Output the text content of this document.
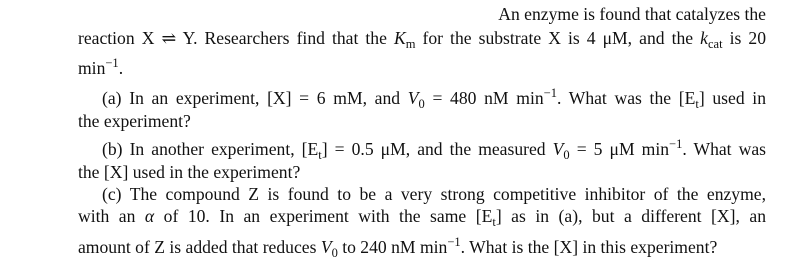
An enzyme is found that catalyzes the
reaction X ⇌ Y. Researchers find that the $K_m$ for the substrate X is 4 μM, and the $k_{cat}$ is 20
$\min^{-1}$.
(a) In an experiment, [X] = 6 mM, and $V_0 = 480$ nM $\min^{-1}$. What was the $[E_t]$ used in
the experiment?
(b) In another experiment, $[E_t] = 0.5$ μM, and the measured $V_0 = 5$ μM $\min^{-1}$. What was
the [X] used in the experiment?
(c) The compound Z is found to be a very strong competitive inhibitor of the enzyme,
with an α of 10. In an experiment with the same $[E_t]$ as in (a), but a different [X], an
amount of Z is added that reduces $V_0$ to 240 nM $\min^{-1}$. What is the [X] in this experiment?
